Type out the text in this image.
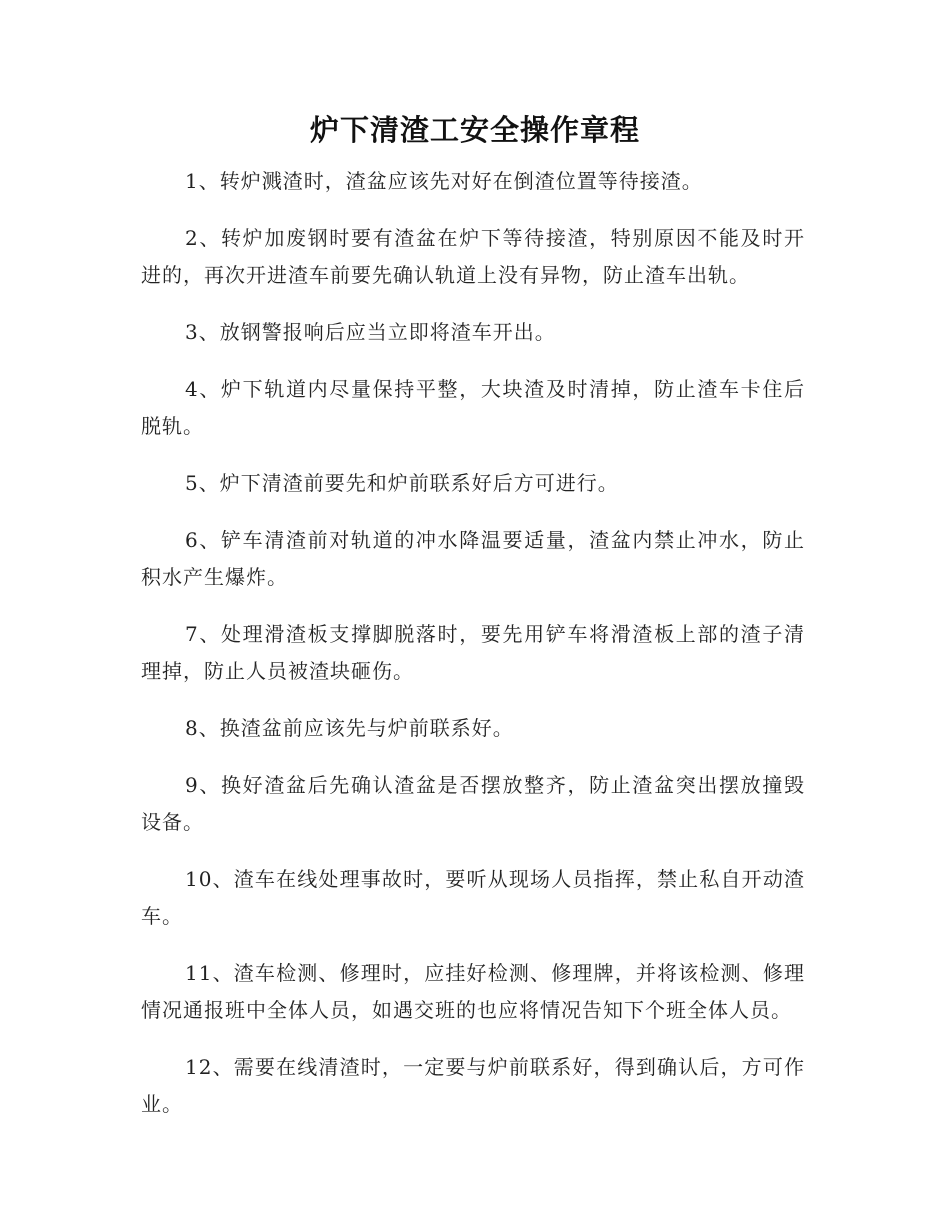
炉下清渣工安全操作章程

1、转炉溅渣时，渣盆应该先对好在倒渣位置等待接渣。

2、转炉加废钢时要有渣盆在炉下等待接渣，特别原因不能及时开进的，再次开进渣车前要先确认轨道上没有异物，防止渣车出轨。

3、放钢警报响后应当立即将渣车开出。

4、炉下轨道内尽量保持平整，大块渣及时清掉，防止渣车卡住后脱轨。

5、炉下清渣前要先和炉前联系好后方可进行。

6、铲车清渣前对轨道的冲水降温要适量，渣盆内禁止冲水，防止积水产生爆炸。

7、处理滑渣板支撑脚脱落时，要先用铲车将滑渣板上部的渣子清理掉，防止人员被渣块砸伤。

8、换渣盆前应该先与炉前联系好。

9、换好渣盆后先确认渣盆是否摆放整齐，防止渣盆突出摆放撞毁设备。

10、渣车在线处理事故时，要听从现场人员指挥，禁止私自开动渣车。

11、渣车检测、修理时，应挂好检测、修理牌，并将该检测、修理情况通报班中全体人员，如遇交班的也应将情况告知下个班全体人员。

12、需要在线清渣时，一定要与炉前联系好，得到确认后，方可作业。
